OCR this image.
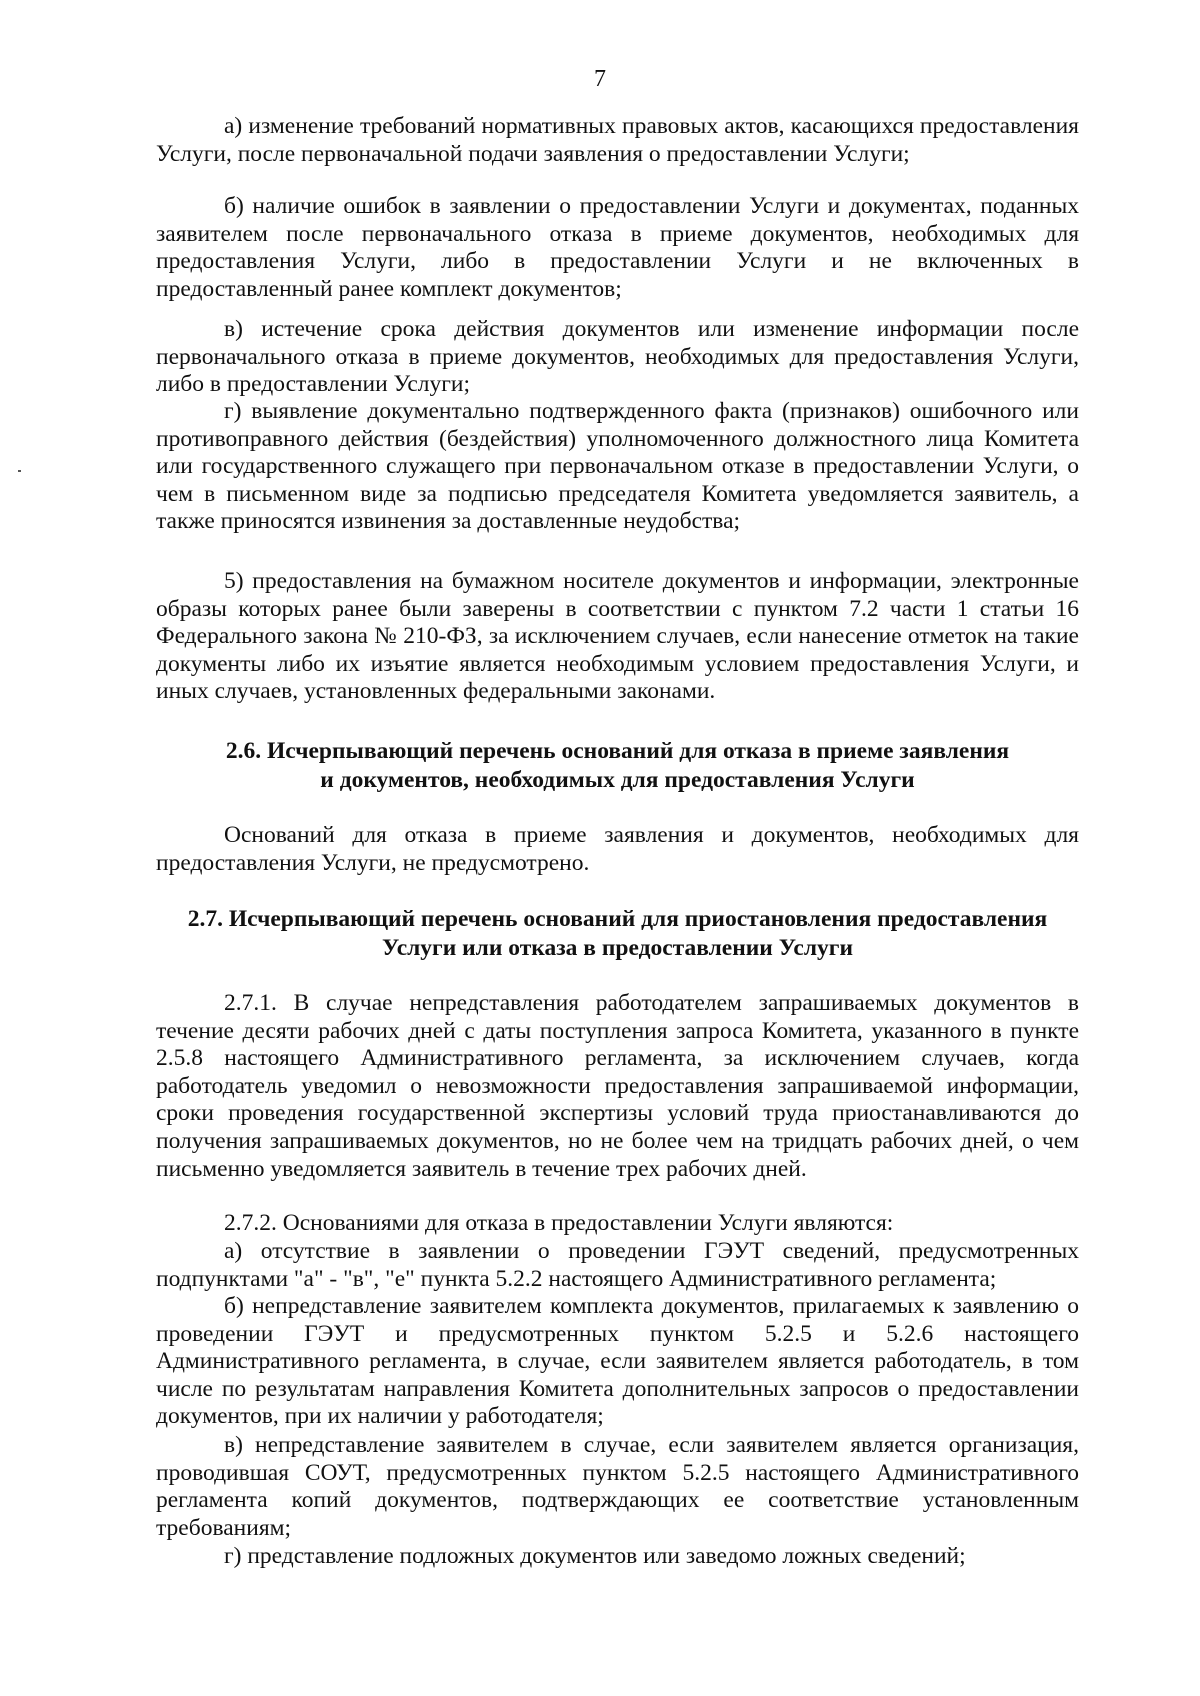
7

а) изменение требований нормативных правовых актов, касающихся предоставления Услуги, после первоначальной подачи заявления о предоставлении Услуги;

б) наличие ошибок в заявлении о предоставлении Услуги и документах, поданных заявителем после первоначального отказа в приеме документов, необходимых для предоставления Услуги, либо в предоставлении Услуги и не включенных в предоставленный ранее комплект документов;

в) истечение срока действия документов или изменение информации после первоначального отказа в приеме документов, необходимых для предоставления Услуги, либо в предоставлении Услуги;

г) выявление документально подтвержденного факта (признаков) ошибочного или противоправного действия (бездействия) уполномоченного должностного лица Комитета или государственного служащего при первоначальном отказе в предоставлении Услуги, о чем в письменном виде за подписью председателя Комитета уведомляется заявитель, а также приносятся извинения за доставленные неудобства;

5) предоставления на бумажном носителе документов и информации, электронные образы которых ранее были заверены в соответствии с пунктом 7.2 части 1 статьи 16 Федерального закона № 210-ФЗ, за исключением случаев, если нанесение отметок на такие документы либо их изъятие является необходимым условием предоставления Услуги, и иных случаев, установленных федеральными законами.

2.6. Исчерпывающий перечень оснований для отказа в приеме заявления
и документов, необходимых для предоставления Услуги

Оснований для отказа в приеме заявления и документов, необходимых для предоставления Услуги, не предусмотрено.

2.7. Исчерпывающий перечень оснований для приостановления предоставления
Услуги или отказа в предоставлении Услуги

2.7.1. В случае непредставления работодателем запрашиваемых документов в течение десяти рабочих дней с даты поступления запроса Комитета, указанного в пункте 2.5.8 настоящего Административного регламента, за исключением случаев, когда работодатель уведомил о невозможности предоставления запрашиваемой информации, сроки проведения государственной экспертизы условий труда приостанавливаются до получения запрашиваемых документов, но не более чем на тридцать рабочих дней, о чем письменно уведомляется заявитель в течение трех рабочих дней.

2.7.2. Основаниями для отказа в предоставлении Услуги являются:

а) отсутствие в заявлении о проведении ГЭУТ сведений, предусмотренных подпунктами "а" - "в", "е" пункта 5.2.2 настоящего Административного регламента;

б) непредставление заявителем комплекта документов, прилагаемых к заявлению о проведении ГЭУТ и предусмотренных пунктом 5.2.5 и 5.2.6 настоящего Административного регламента, в случае, если заявителем является работодатель, в том числе по результатам направления Комитета дополнительных запросов о предоставлении документов, при их наличии у работодателя;

в) непредставление заявителем в случае, если заявителем является организация, проводившая СОУТ, предусмотренных пунктом 5.2.5 настоящего Административного регламента копий документов, подтверждающих ее соответствие установленным требованиям;

г) представление подложных документов или заведомо ложных сведений;
